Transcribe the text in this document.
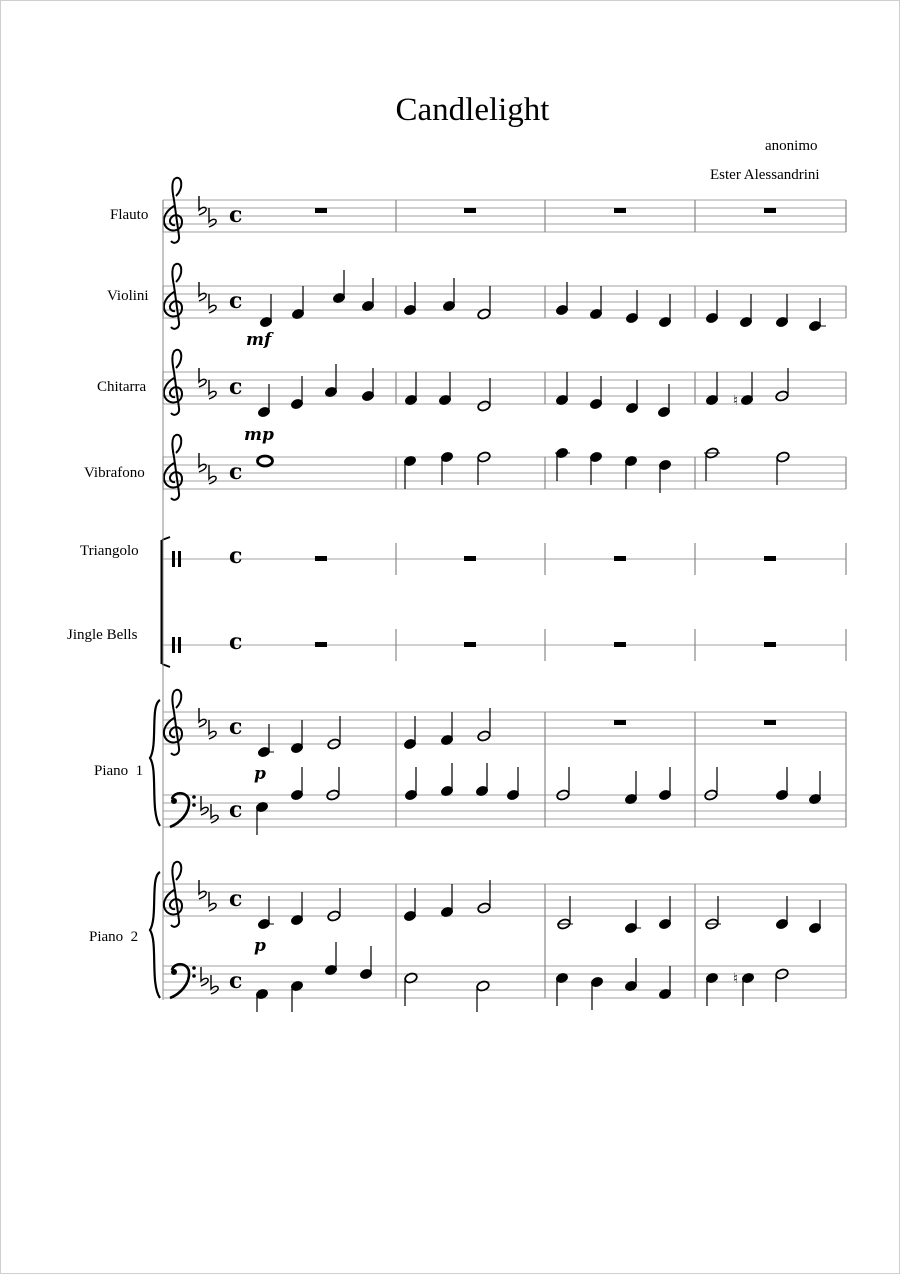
Candlelight
anonimo
Ester Alessandrini
c
c
c
♮
c
c
c
c
c
c
c	♮
Flauto
Violini
Chitarra
Vibrafono
Triangolo
Jingle Bells
Piano  1
Piano  2
mf
mp
p
p
